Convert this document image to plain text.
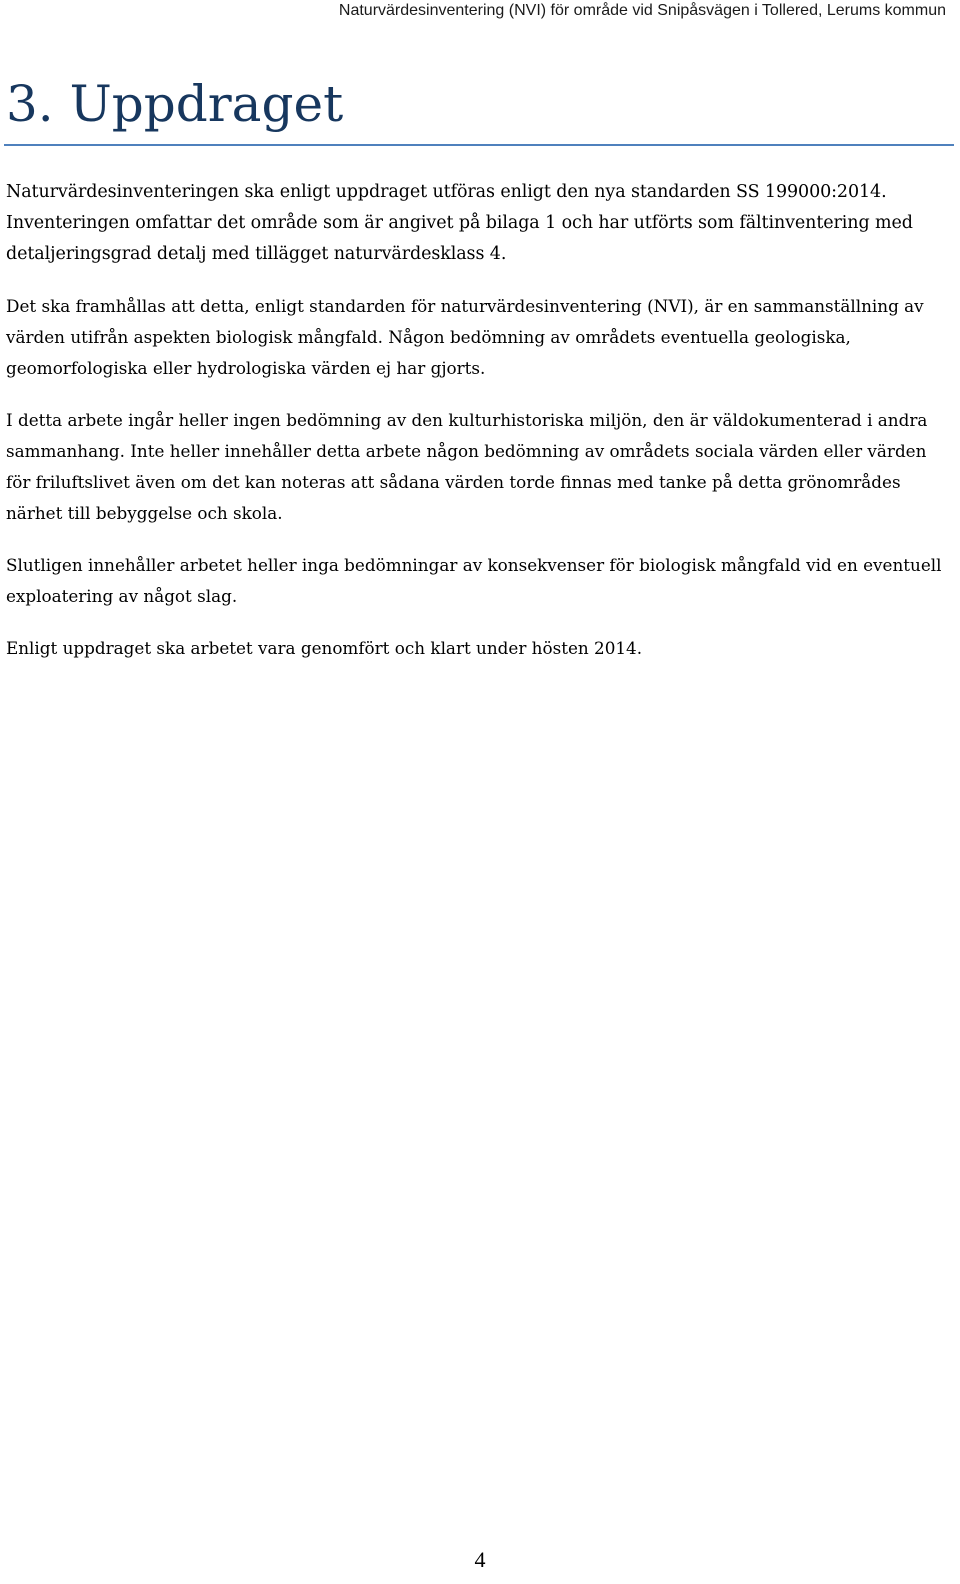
Naturvärdesinventering (NVI) för område vid Snipåsvägen i Tollered, Lerums kommun
3. Uppdraget

Naturvärdesinventeringen ska enligt uppdraget utföras enligt den nya standarden SS 199000:2014. Inventeringen omfattar det område som är angivet på bilaga 1 och har utförts som fältinventering med detaljeringsgrad detalj med tillägget naturvärdesklass 4.

Det ska framhållas att detta, enligt standarden för naturvärdesinventering (NVI), är en sammanställning av värden utifrån aspekten biologisk mångfald. Någon bedömning av områdets eventuella geologiska, geomorfologiska eller hydrologiska värden ej har gjorts.

I detta arbete ingår heller ingen bedömning av den kulturhistoriska miljön, den är väldokumenterad i andra sammanhang. Inte heller innehåller detta arbete någon bedömning av områdets sociala värden eller värden för friluftslivet även om det kan noteras att sådana värden torde finnas med tanke på detta grönområdes närhet till bebyggelse och skola.

Slutligen innehåller arbetet heller inga bedömningar av konsekvenser för biologisk mångfald vid en eventuell exploatering av något slag.

Enligt uppdraget ska arbetet vara genomfört och klart under hösten 2014.

4
